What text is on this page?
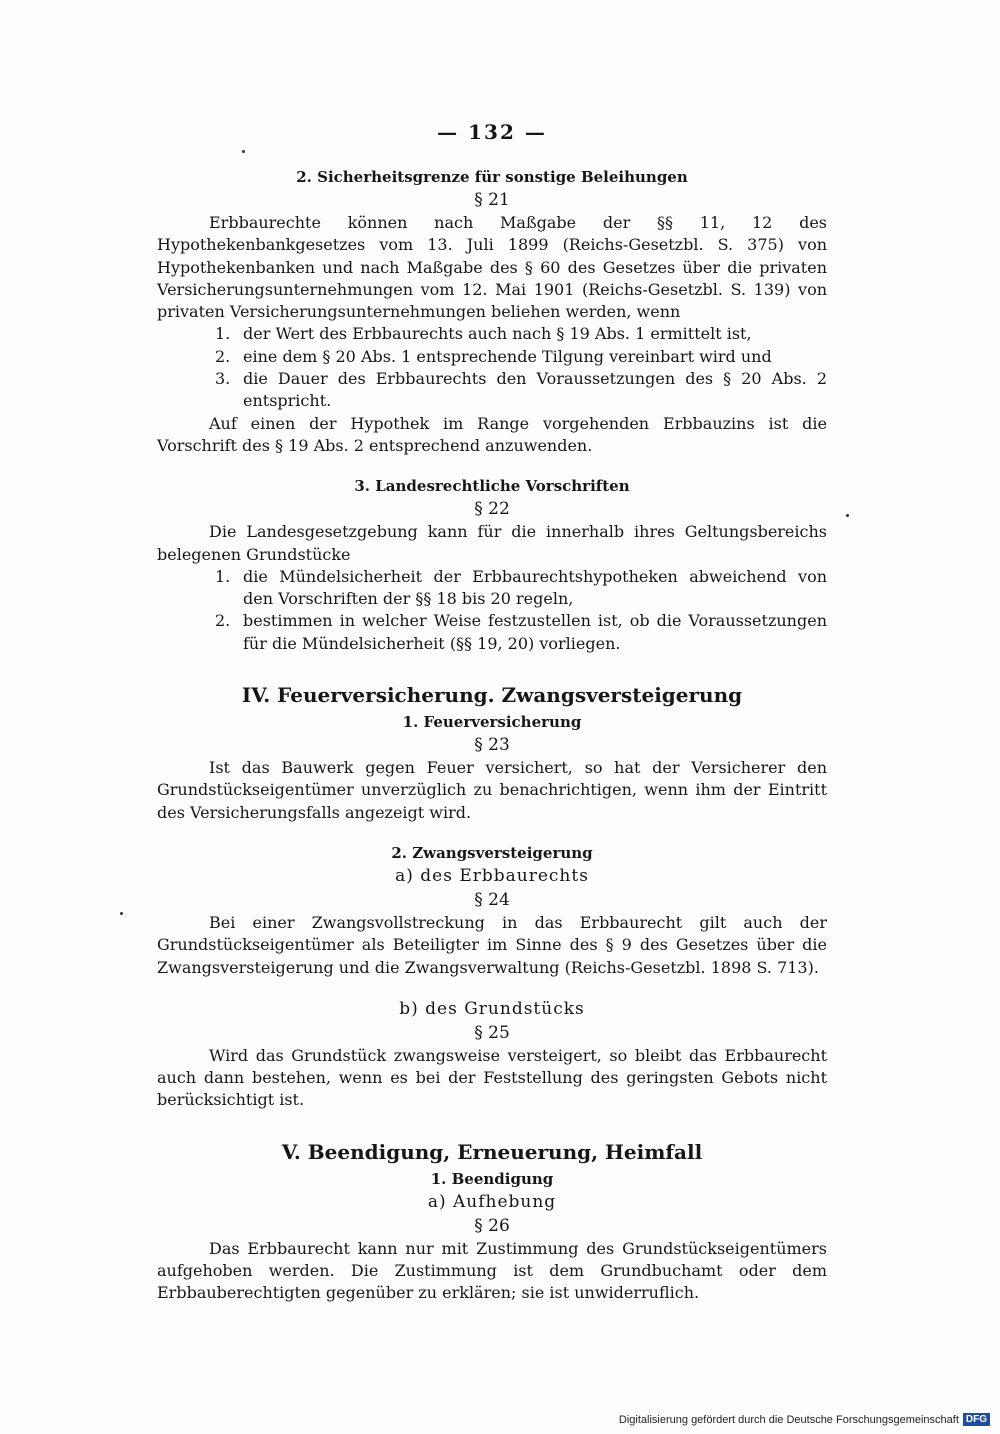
— 132 —
2. Sicherheitsgrenze für sonstige Beleihungen
§ 21

Erbbaurechte können nach Maßgabe der §§ 11, 12 des Hypothekenbankgesetzes vom 13. Juli 1899 (Reichs-Gesetzbl. S. 375) von Hypothekenbanken und nach Maßgabe des § 60 des Gesetzes über die privaten Versicherungsunternehmungen vom 12. Mai 1901 (Reichs-Gesetzbl. S. 139) von privaten Versicherungsunternehmungen beliehen werden, wenn

1. der Wert des Erbbaurechts auch nach § 19 Abs. 1 ermittelt ist,
2. eine dem § 20 Abs. 1 entsprechende Tilgung vereinbart wird und
3. die Dauer des Erbbaurechts den Voraussetzungen des § 20 Abs. 2 entspricht.

Auf einen der Hypothek im Range vorgehenden Erbbauzins ist die Vorschrift des § 19 Abs. 2 entsprechend anzuwenden.

3. Landesrechtliche Vorschriften
§ 22

Die Landesgesetzgebung kann für die innerhalb ihres Geltungsbereichs belegenen Grundstücke

1. die Mündelsicherheit der Erbbaurechtshypotheken abweichend von den Vorschriften der §§ 18 bis 20 regeln,
2. bestimmen in welcher Weise festzustellen ist, ob die Voraussetzungen für die Mündelsicherheit (§§ 19, 20) vorliegen.
IV. Feuerversicherung. Zwangsversteigerung
1. Feuerversicherung
§ 23

Ist das Bauwerk gegen Feuer versichert, so hat der Versicherer den Grundstückseigentümer unverzüglich zu benachrichtigen, wenn ihm der Eintritt des Versicherungsfalls angezeigt wird.

2. Zwangsversteigerung
a) des Erbbaurechts
§ 24

Bei einer Zwangsvollstreckung in das Erbbaurecht gilt auch der Grundstückseigentümer als Beteiligter im Sinne des § 9 des Gesetzes über die Zwangsversteigerung und die Zwangsverwaltung (Reichs-Gesetzbl. 1898 S. 713).

b) des Grundstücks
§ 25

Wird das Grundstück zwangsweise versteigert, so bleibt das Erbbaurecht auch dann bestehen, wenn es bei der Feststellung des geringsten Gebots nicht berücksichtigt ist.

V. Beendigung, Erneuerung, Heimfall
1. Beendigung
a) Aufhebung
§ 26

Das Erbbaurecht kann nur mit Zustimmung des Grundstückseigentümers aufgehoben werden. Die Zustimmung ist dem Grundbuchamt oder dem Erbbauberechtigten gegenüber zu erklären; sie ist unwiderruflich.

Digitalisierung gefördert durch die Deutsche Forschungsgemeinschaft DFG
